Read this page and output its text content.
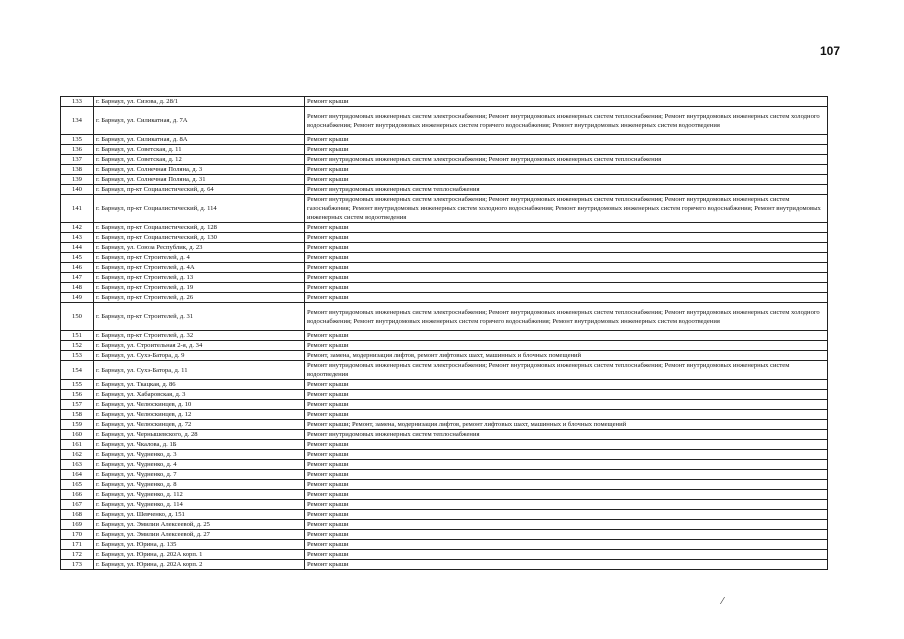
107
133	г. Барнаул, ул. Сизова, д. 28/1	Ремонт крыши
134	г. Барнаул, ул. Силикатная, д. 7А	Ремонт внутридомовых инженерных систем электроснабжения; Ремонт внутридомовых инженерных систем теплоснабжения; Ремонт внутридомовых инженерных систем холодного водоснабжения; Ремонт внутридомовых инженерных систем горячего водоснабжения; Ремонт внутридомовых инженерных систем водоотведения
135	г. Барнаул, ул. Силикатная, д. 8А	Ремонт крыши
136	г. Барнаул, ул. Советская, д. 11	Ремонт крыши
137	г. Барнаул, ул. Советская, д. 12	Ремонт внутридомовых инженерных систем электроснабжения; Ремонт внутридомовых инженерных систем теплоснабжения
138	г. Барнаул, ул. Солнечная Поляна, д. 3	Ремонт крыши
139	г. Барнаул, ул. Солнечная Поляна, д. 31	Ремонт крыши
140	г. Барнаул, пр-кт Социалистический, д. 64	Ремонт внутридомовых инженерных систем теплоснабжения
141	г. Барнаул, пр-кт Социалистический, д. 114	Ремонт внутридомовых инженерных систем электроснабжения; Ремонт внутридомовых инженерных систем теплоснабжения; Ремонт внутридомовых инженерных систем газоснабжения; Ремонт внутридомовых инженерных систем холодного водоснабжения; Ремонт внутридомовых инженерных систем горячего водоснабжения; Ремонт внутридомовых инженерных систем водоотведения
142	г. Барнаул, пр-кт Социалистический, д. 128	Ремонт крыши
143	г. Барнаул, пр-кт Социалистический, д. 130	Ремонт крыши
144	г. Барнаул, ул. Союза Республик, д. 23	Ремонт крыши
145	г. Барнаул, пр-кт Строителей, д. 4	Ремонт крыши
146	г. Барнаул, пр-кт Строителей, д. 4А	Ремонт крыши
147	г. Барнаул, пр-кт Строителей, д. 13	Ремонт крыши
148	г. Барнаул, пр-кт Строителей, д. 19	Ремонт крыши
149	г. Барнаул, пр-кт Строителей, д. 26	Ремонт крыши
150	г. Барнаул, пр-кт Строителей, д. 31	Ремонт внутридомовых инженерных систем электроснабжения; Ремонт внутридомовых инженерных систем теплоснабжения; Ремонт внутридомовых инженерных систем холодного водоснабжения; Ремонт внутридомовых инженерных систем горячего водоснабжения; Ремонт внутридомовых инженерных систем водоотведения
151	г. Барнаул, пр-кт Строителей, д. 32	Ремонт крыши
152	г. Барнаул, ул. Строительная 2-я, д. 34	Ремонт крыши
153	г. Барнаул, ул. Сухэ-Батора, д. 9	Ремонт, замена, модернизация лифтов, ремонт лифтовых шахт, машинных и блочных помещений
154	г. Барнаул, ул. Сухэ-Батора, д. 11	Ремонт внутридомовых инженерных систем электроснабжения; Ремонт внутридомовых инженерных систем теплоснабжения; Ремонт внутридомовых инженерных систем водоотведения
155	г. Барнаул, ул. Ткацкая, д. 86	Ремонт крыши
156	г. Барнаул, ул. Хабаровская, д. 3	Ремонт крыши
157	г. Барнаул, ул. Челюскинцев, д. 10	Ремонт крыши
158	г. Барнаул, ул. Челюскинцев, д. 12	Ремонт крыши
159	г. Барнаул, ул. Челюскинцев, д. 72	Ремонт крыши; Ремонт, замена, модернизация лифтов, ремонт лифтовых шахт, машинных и блочных помещений
160	г. Барнаул, ул. Чернышевского, д. 28	Ремонт внутридомовых инженерных систем теплоснабжения
161	г. Барнаул, ул. Чкалова, д. 1Б	Ремонт крыши
162	г. Барнаул, ул. Чудненко, д. 3	Ремонт крыши
163	г. Барнаул, ул. Чудненко, д. 4	Ремонт крыши
164	г. Барнаул, ул. Чудненко, д. 7	Ремонт крыши
165	г. Барнаул, ул. Чудненко, д. 8	Ремонт крыши
166	г. Барнаул, ул. Чудненко, д. 112	Ремонт крыши
167	г. Барнаул, ул. Чудненко, д. 114	Ремонт крыши
168	г. Барнаул, ул. Шевченко, д. 151	Ремонт крыши
169	г. Барнаул, ул. Эмилии Алексеевой, д. 25	Ремонт крыши
170	г. Барнаул, ул. Эмилии Алексеевой, д. 27	Ремонт крыши
171	г. Барнаул, ул. Юрина, д. 135	Ремонт крыши
172	г. Барнаул, ул. Юрина, д. 202А корп. 1	Ремонт крыши
173	г. Барнаул, ул. Юрина, д. 202А корп. 2	Ремонт крыши
⁄
